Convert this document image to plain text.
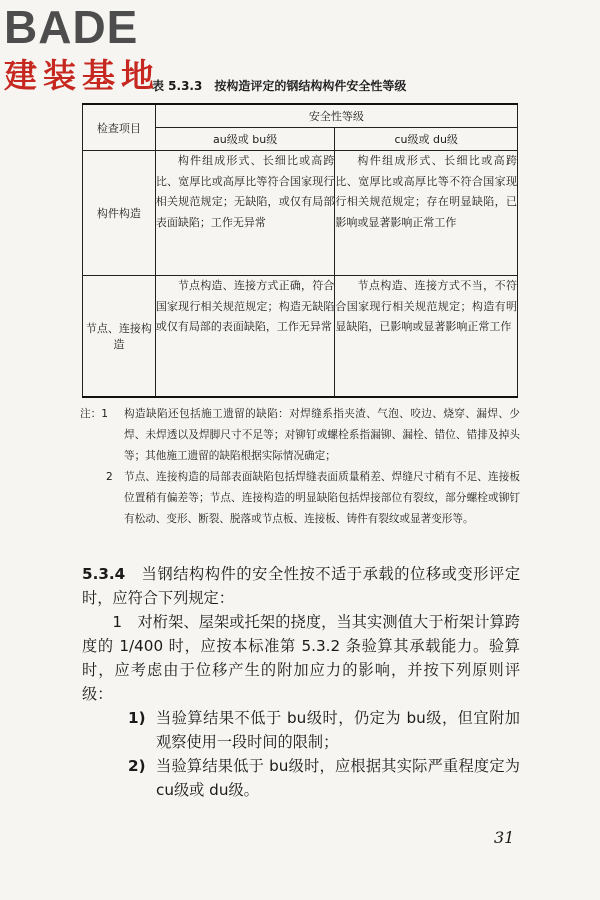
BADE
建装基地
表 5.3.3　按构造评定的钢结构构件安全性等级
检查项目	安全性等级	
	au级或 bu级	cu级或 du级
构件构造	构件组成形式、长细比或高跨比、宽厚比或高厚比等符合国家现行相关规范规定；无缺陷，或仅有局部表面缺陷；工作无异常	构件组成形式、长细比或高跨比、宽厚比或高厚比等不符合国家现行相关规范规定；存在明显缺陷，已影响或显著影响正常工作
节点、连接构造	节点构造、连接方式正确，符合国家现行相关规范规定；构造无缺陷或仅有局部的表面缺陷，工作无异常	节点构造、连接方式不当，不符合国家现行相关规范规定；构造有明显缺陷，已影响或显著影响正常工作
注：1	构造缺陷还包括施工遗留的缺陷：对焊缝系指夹渣、气泡、咬边、烧穿、漏焊、少焊、未焊透以及焊脚尺寸不足等；对铆钉或螺栓系指漏铆、漏栓、错位、错排及掉头等；其他施工遗留的缺陷根据实际情况确定；
2	节点、连接构造的局部表面缺陷包括焊缝表面质量稍差、焊缝尺寸稍有不足、连接板位置稍有偏差等；节点、连接构造的明显缺陷包括焊接部位有裂纹，部分螺栓或铆钉有松动、变形、断裂、脱落或节点板、连接板、铸件有裂纹或显著变形等。
5.3.4　 当钢结构构件的安全性按不适于承载的位移或变形评定时，应符合下列规定：
1　对桁架、屋架或托架的挠度，当其实测值大于桁架计算跨度的 1/400 时，应按本标准第 5.3.2 条验算其承载能力。验算时，应考虑由于位移产生的附加应力的影响，并按下列原则评级：
1) 当验算结果不低于 bu级时，仍定为 bu级，但宜附加观察使用一段时间的限制；
2) 当验算结果低于 bu级时，应根据其实际严重程度定为 cu级或 du级。
31
